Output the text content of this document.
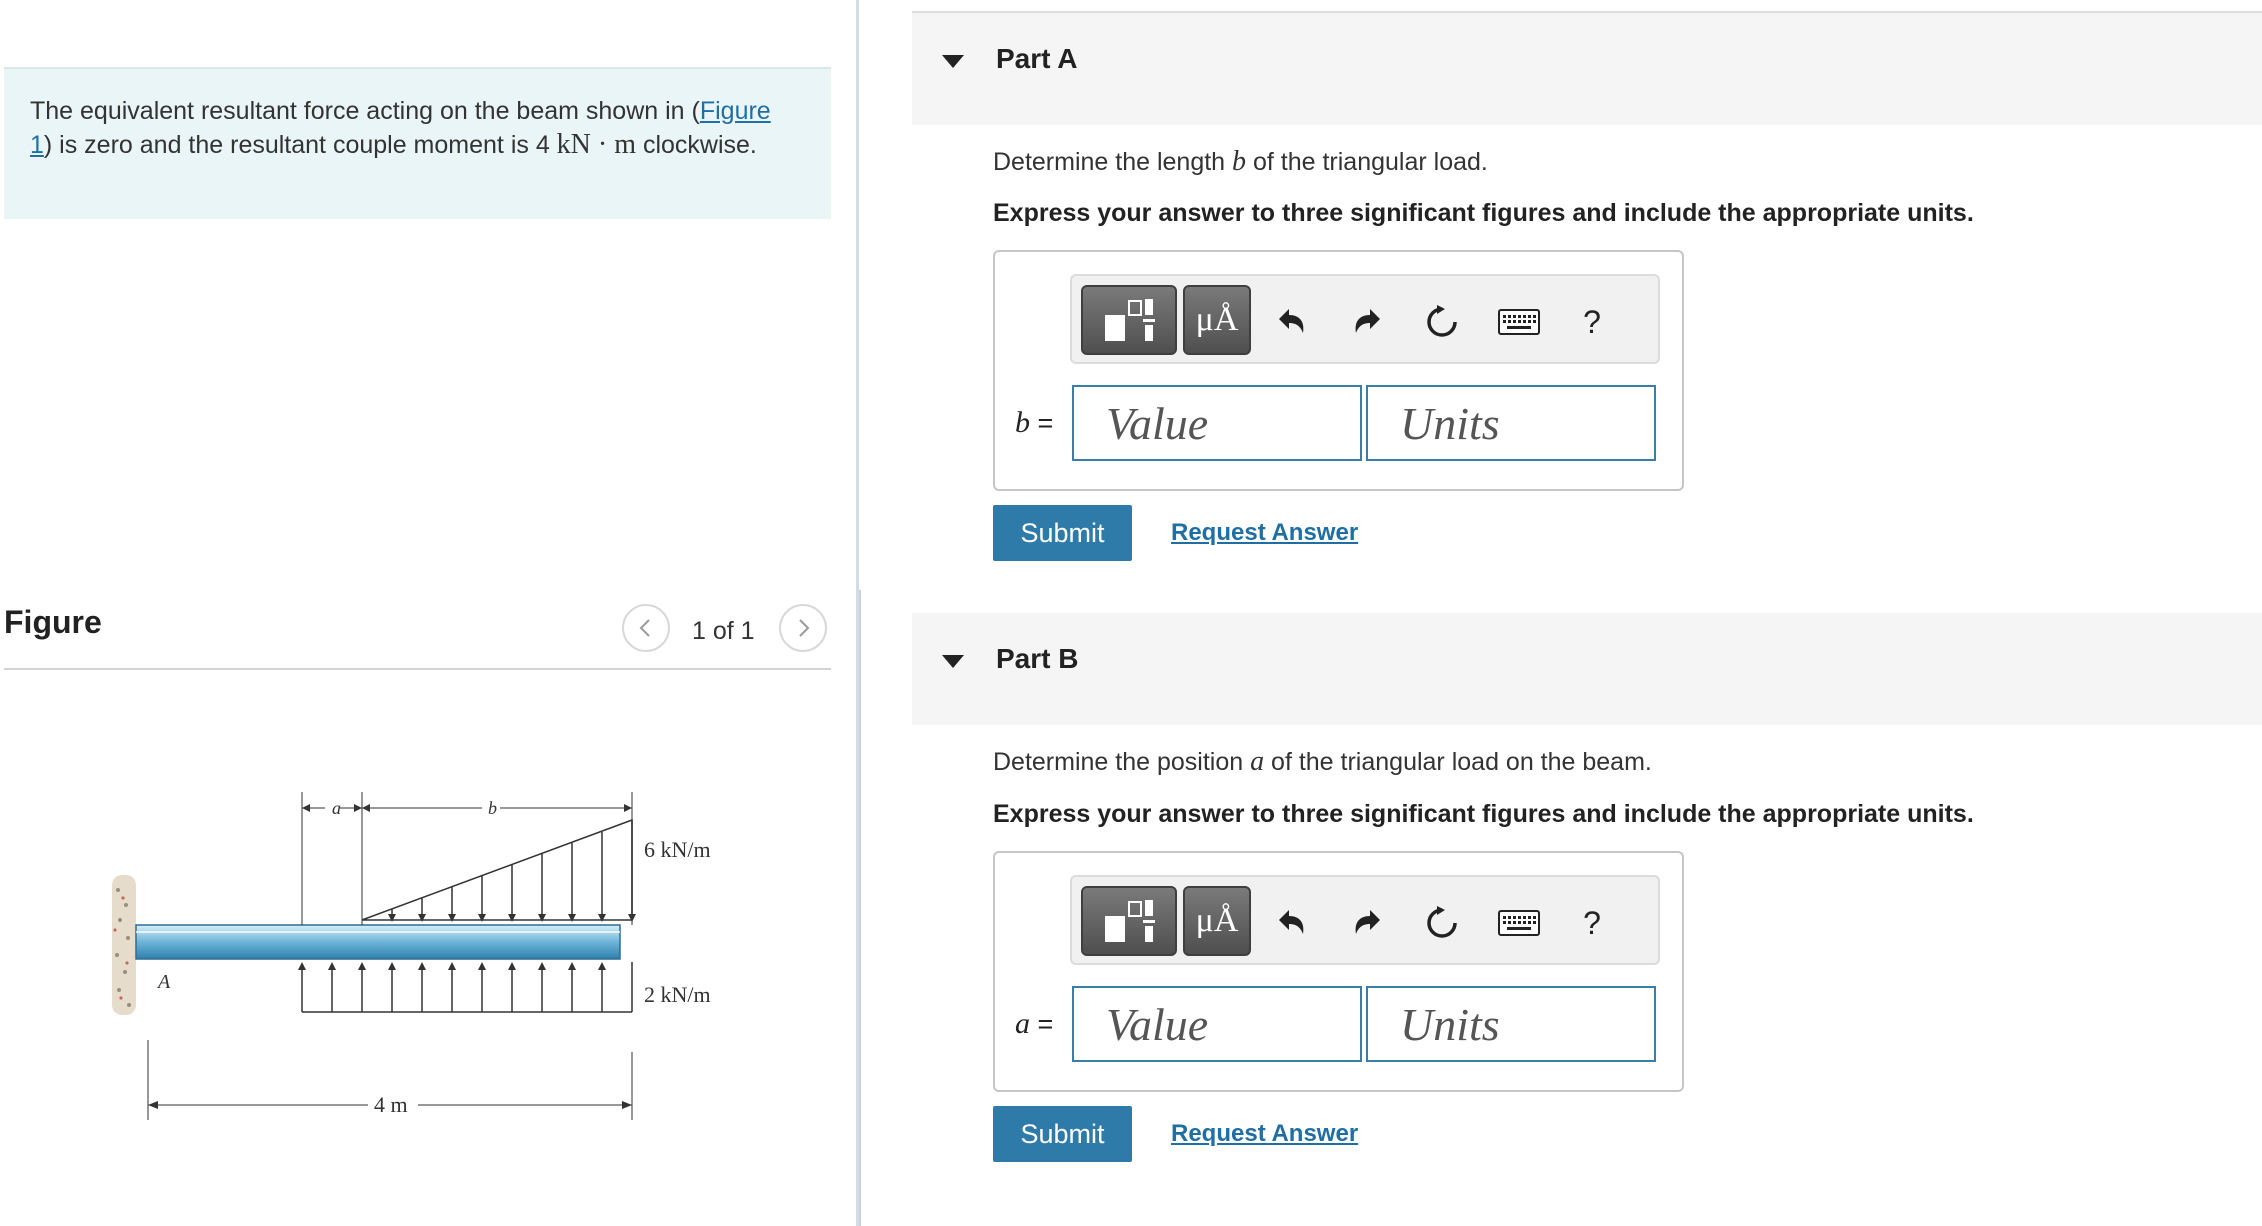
The equivalent resultant force acting on the beam shown in (Figure 1) is zero and the resultant couple moment is 4 kN · m clockwise.
Figure	1 of 1
a	b
6 kN/m
2 kN/m
A
4 m
Part A
Determine the length b of the triangular load.
Express your answer to three significant figures and include the appropriate units.
μÅ	?
b =
Value
Units
Submit	Request Answer
Part B
Determine the position a of the triangular load on the beam.
Express your answer to three significant figures and include the appropriate units.
μÅ	?
a =
Value
Units
Submit	Request Answer
